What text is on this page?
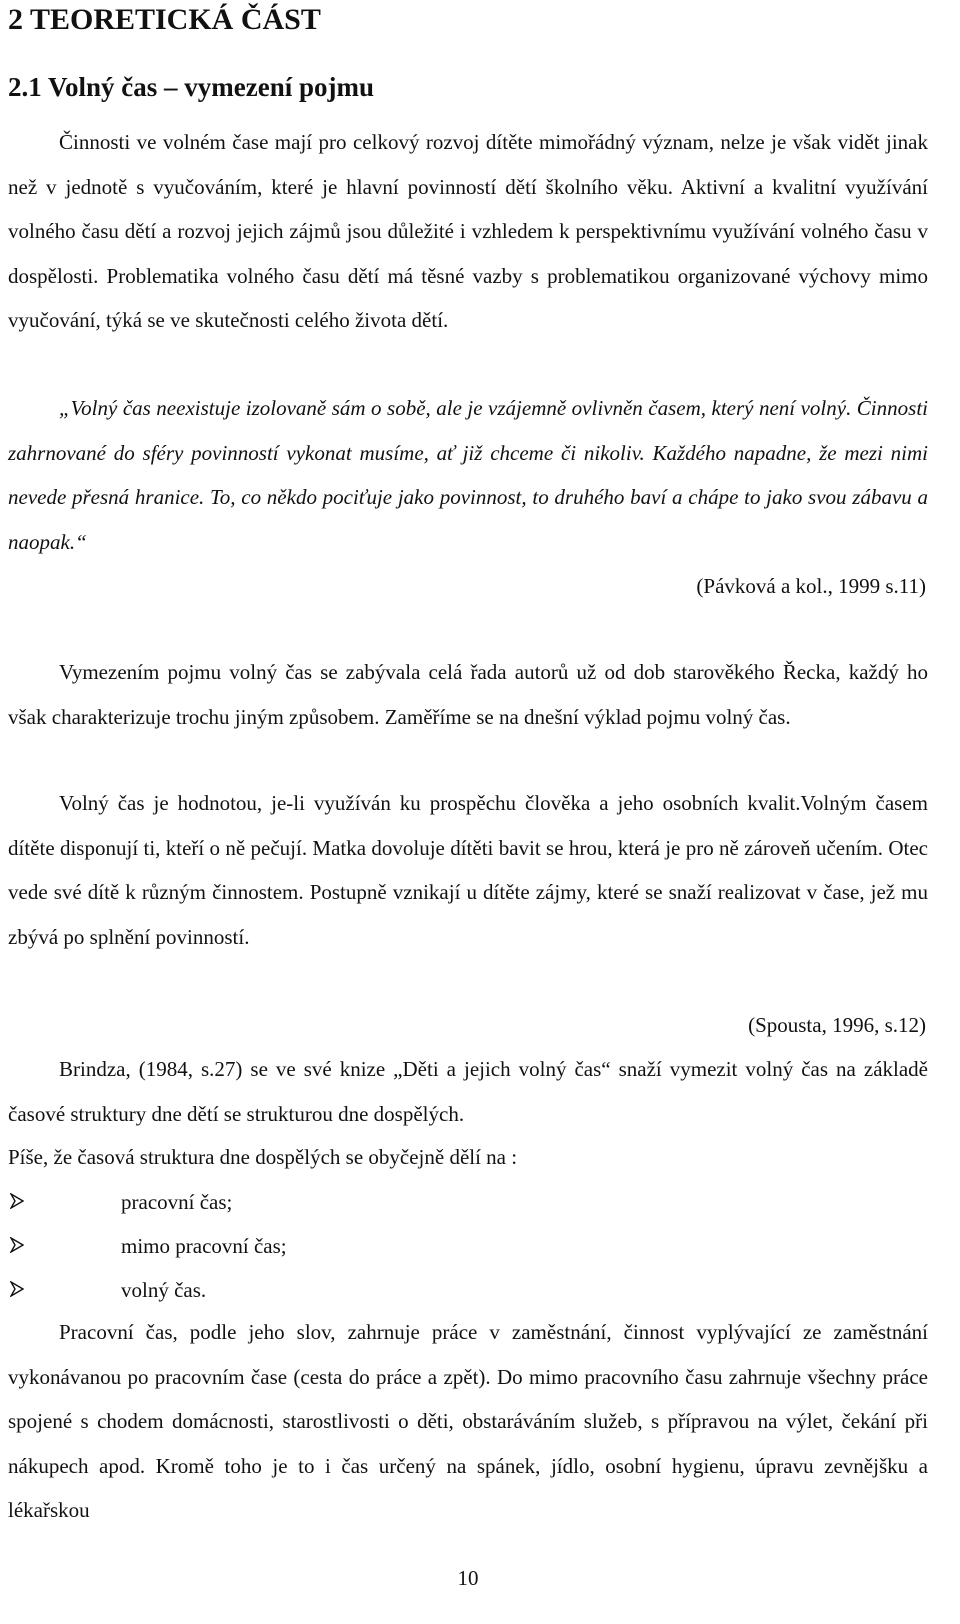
2 TEORETICKÁ ČÁST
2.1 Volný čas – vymezení pojmu

Činnosti ve volném čase mají pro celkový rozvoj dítěte mimořádný význam, nelze je však vidět jinak než v jednotě s vyučováním, které je hlavní povinností dětí školního věku. Aktivní a kvalitní využívání volného času dětí a rozvoj jejich zájmů jsou důležité i vzhledem k perspektivnímu využívání volného času v dospělosti. Problematika volného času dětí má těsné vazby s problematikou organizované výchovy mimo vyučování, týká se ve skutečnosti celého života dětí.

„Volný čas neexistuje izolovaně sám o sobě, ale je vzájemně ovlivněn časem, který není volný. Činnosti zahrnované do sféry povinností vykonat musíme, ať již chceme či nikoliv. Každého napadne, že mezi nimi nevede přesná hranice. To, co někdo pociťuje jako povinnost, to druhého baví a chápe to jako svou zábavu a naopak.“

(Pávková a kol., 1999 s.11)

Vymezením pojmu volný čas se zabývala celá řada autorů už od dob starověkého Řecka, každý ho však charakterizuje trochu jiným způsobem. Zaměříme se na dnešní výklad pojmu volný čas.

Volný čas je hodnotou, je-li využíván ku prospěchu člověka a jeho osobních kvalit.Volným časem dítěte disponují ti, kteří o ně pečují. Matka dovoluje dítěti bavit se hrou, která je pro ně zároveň učením. Otec vede své dítě k různým činnostem. Postupně vznikají u dítěte zájmy, které se snaží realizovat v čase, jež mu zbývá po splnění povinností.

(Spousta, 1996, s.12)

Brindza, (1984, s.27) se ve své knize „Děti a jejich volný čas“ snaží vymezit volný čas na základě časové struktury dne dětí se strukturou dne dospělých.

Píše, že časová struktura dne dospělých se obyčejně dělí na :
pracovní čas;
mimo pracovní čas;
volný čas.

Pracovní čas, podle jeho slov, zahrnuje práce v zaměstnání, činnost vyplývající ze zaměstnání vykonávanou po pracovním čase (cesta do práce a zpět). Do mimo pracovního času zahrnuje všechny práce spojené s chodem domácnosti, starostlivosti o děti, obstaráváním služeb, s přípravou na výlet, čekání při nákupech apod. Kromě toho je to i čas určený na spánek, jídlo, osobní hygienu, úpravu zevnějšku a lékařskou

10
